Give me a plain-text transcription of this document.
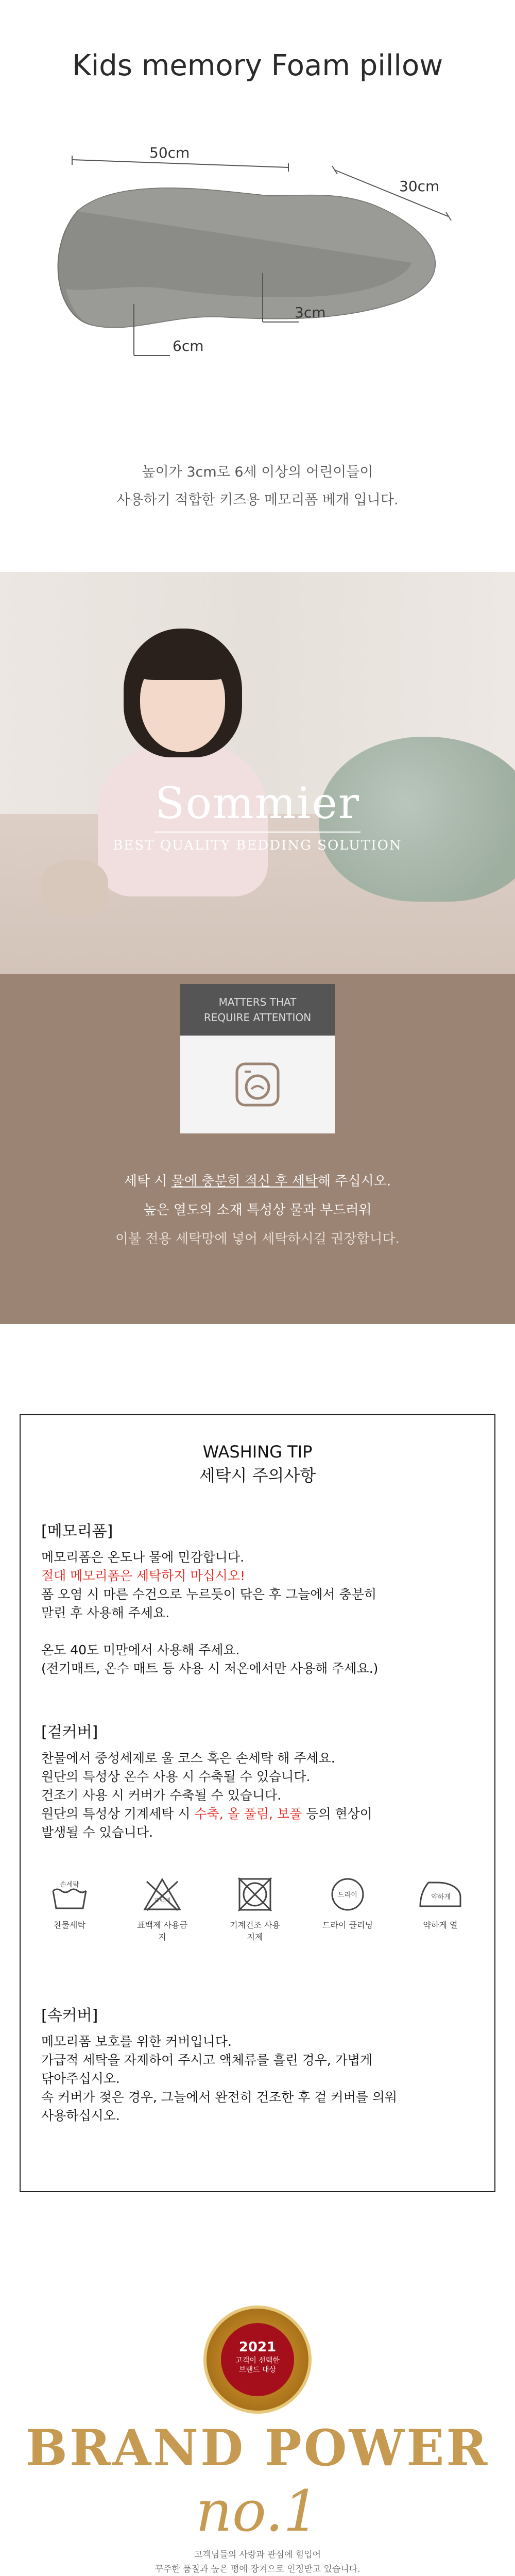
Kids memory Foam pillow
50cm
30cm
3cm
6cm
높이가 3cm로 6세 이상의 어린이들이
사용하기 적합한 키즈용 메모리폼 베개 입니다.
Sommier
BEST QUALITY BEDDING SOLUTION
MATTERS THAT
REQUIRE ATTENTION
세탁 시 물에 충분히 적신 후 세탁해 주십시오.
높은 열도의 소재 특성상 물과 부드러워
이불 전용 세탁망에 넣어 세탁하시길 권장합니다.
WASHING TIP
세탁시 주의사항
[메모리폼]
메모리폼은 온도나 물에 민감합니다.
절대 메모리폼은 세탁하지 마십시오!
폼 오염 시 마른 수건으로 누르듯이 닦은 후 그늘에서 충분히
말린 후 사용해 주세요.
온도 40도 미만에서 사용해 주세요.
(전기매트, 온수 매트 등 사용 시 저온에서만 사용해 주세요.)
[겉커버]
찬물에서 중성세제로 울 코스 혹은 손세탁 해 주세요.
원단의 특성상 온수 사용 시 수축될 수 있습니다.
건조기 사용 시 커버가 수축될 수 있습니다.
원단의 특성상 기계세탁 시 수축, 올 풀림, 보풀 등의 현상이
발생될 수 있습니다.
손세탁
찬물세탁
표백제
표백제 사용금지
기계건조 사용지제
드라이
드라이 클리닝
약하게
약하게 열
[속커버]
메모리폼 보호를 위한 커버입니다.
가급적 세탁을 자제하여 주시고 액체류를 흘린 경우, 가볍게
닦아주십시오.
속 커버가 젖은 경우, 그늘에서 완전히 건조한 후 겉 커버를 의워
사용하십시오.
2021
고객이 선택한
브랜드 대상
BRAND POWER
no.1
고객님들의 사랑과 관심에 힘입어
꾸주한 품질과 높은 평에 장켜으로 인정받고 있습니다.
